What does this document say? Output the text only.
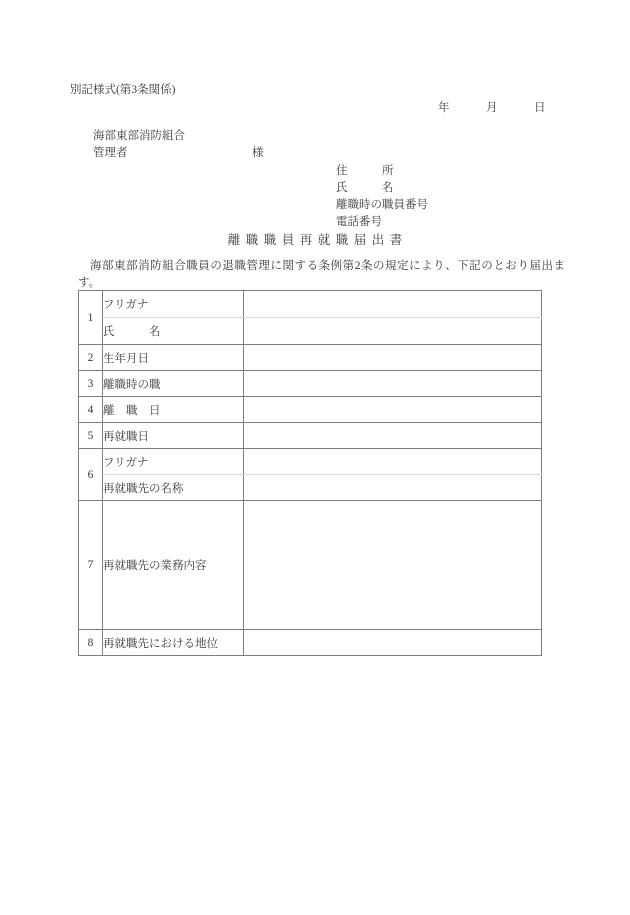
別記様式(第3条関係)
年　　　月　　　日
海部東部消防組合
管理者	様
住　　　所
氏　　　名
離職時の職員番号
電話番号
離職職員再就職届出書
海部東部消防組合職員の退職管理に関する条例第2条の規定により、下記のとおり届出ます。
1	フリガナ	
	氏　　　名	
2	生年月日	
3	離職時の職	
4	離　職　日	
5	再就職日	
6	フリガナ	
	再就職先の名称	
7	再就職先の業務内容	
8	再就職先における地位	
